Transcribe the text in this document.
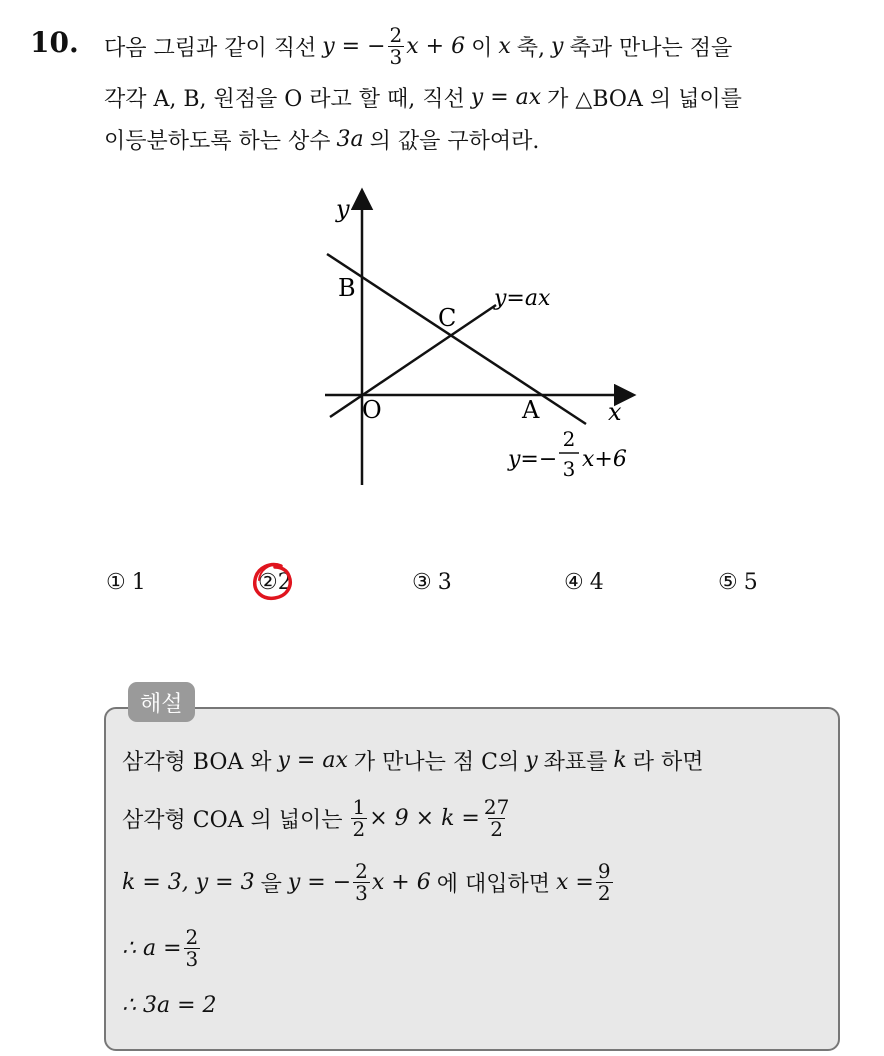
10. 다음 그림과 같이 직선 y = − $\frac{2}{3}$ x + 6 이 x 축, y 축과 만나는 점을
각각 A, B, 원점을 O 라고 할 때, 직선 y = ax 가 △BOA 의 넓이를
이등분하도록 하는 상수 3a 의 값을 구하여라.
y
x
O	A
B
C
y=ax
y=−
2
3 x+6
① 1	②2	③ 3	④ 4	⑤ 5
해설
삼각형 BOA 와 y = ax 가 만나는 점 C의 y 좌표를 k 라 하면
삼각형 COA 의 넓이는 $\frac{1}{2} \times 9 \times k = \frac{27}{2}$
k = 3, y = 3 을 y = − $\frac{2}{3}$ x + 6 에 대입하면 $x = \frac{9}{2}$
∴ $a = \frac{2}{3}$
∴ 3a = 2
